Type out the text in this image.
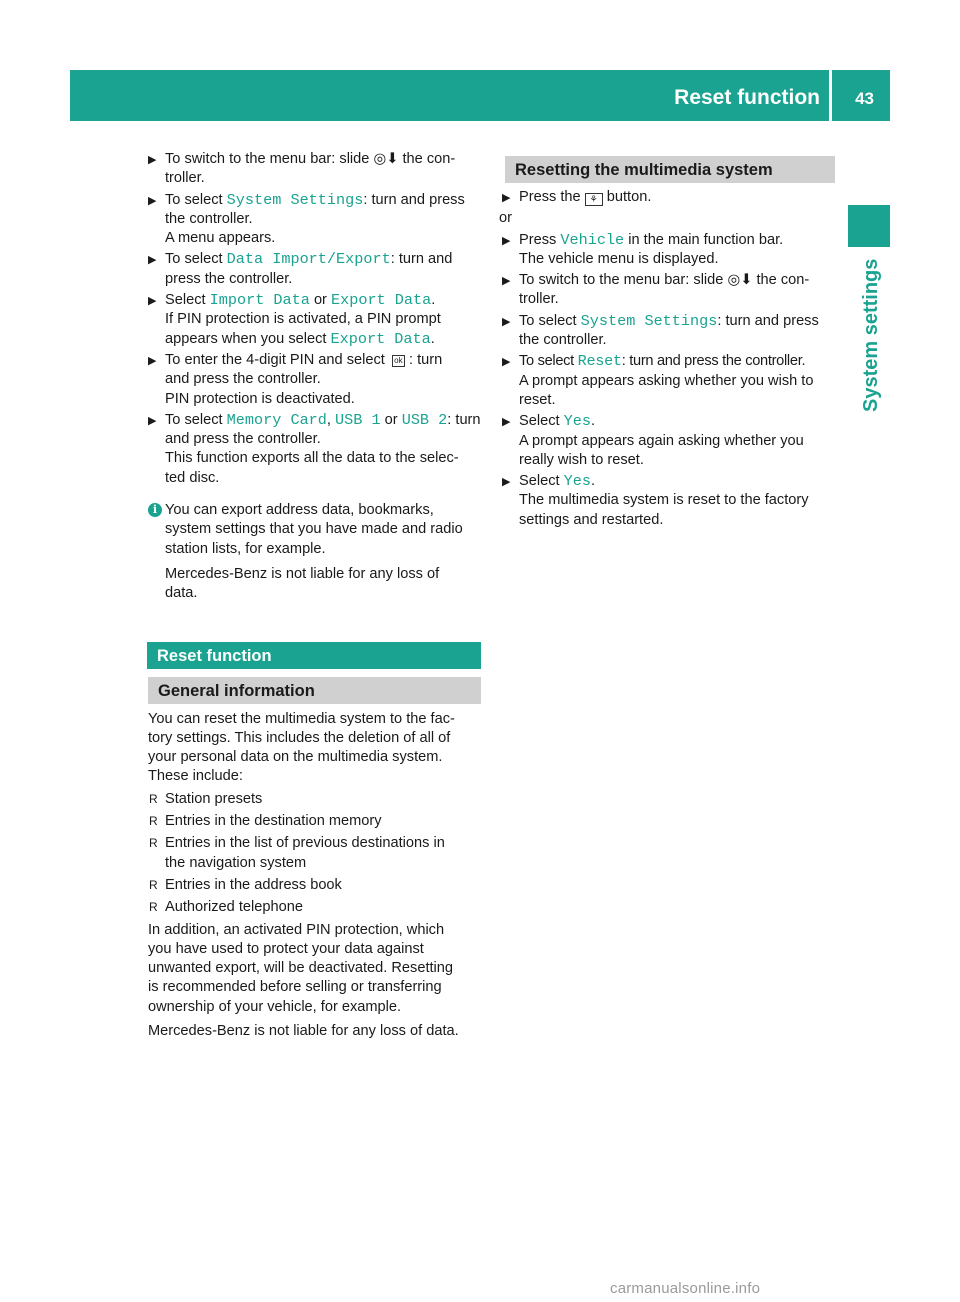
Reset function 43
System settings
▶ To switch to the menu bar: slide ◎⬇ the con-
troller.
▶ To select System Settings: turn and press
the controller.
A menu appears.
▶ To select Data Import/Export: turn and
press the controller.
▶ Select Import Data or Export Data.
If PIN protection is activated, a PIN prompt
appears when you select Export Data.
▶ To enter the 4-digit PIN and select ok : turn
and press the controller.
PIN protection is deactivated.
▶ To select Memory Card, USB 1 or USB 2: turn
and press the controller.
This function exports all the data to the selec-
ted disc.
i You can export address data, bookmarks,
system settings that you have made and radio
station lists, for example.

Mercedes-Benz is not liable for any loss of
data.

Reset function
General information
You can reset the multimedia system to the fac-
tory settings. This includes the deletion of all of
your personal data on the multimedia system.
These include:
R Station presets
R Entries in the destination memory
R Entries in the list of previous destinations in
the navigation system
R Entries in the address book
R Authorized telephone
In addition, an activated PIN protection, which
you have used to protect your data against
unwanted export, will be deactivated. Resetting
is recommended before selling or transferring
ownership of your vehicle, for example.
Mercedes-Benz is not liable for any loss of data.
Resetting the multimedia system
▶ Press the ⚘ button.
or
▶ Press Vehicle in the main function bar.
The vehicle menu is displayed.
▶ To switch to the menu bar: slide ◎⬇ the con-
troller.
▶ To select System Settings: turn and press
the controller.
▶ To select Reset: turn and press the controller.
A prompt appears asking whether you wish to
reset.
▶ Select Yes.
A prompt appears again asking whether you
really wish to reset.
▶ Select Yes.
The multimedia system is reset to the factory
settings and restarted.
carmanualsonline.info
